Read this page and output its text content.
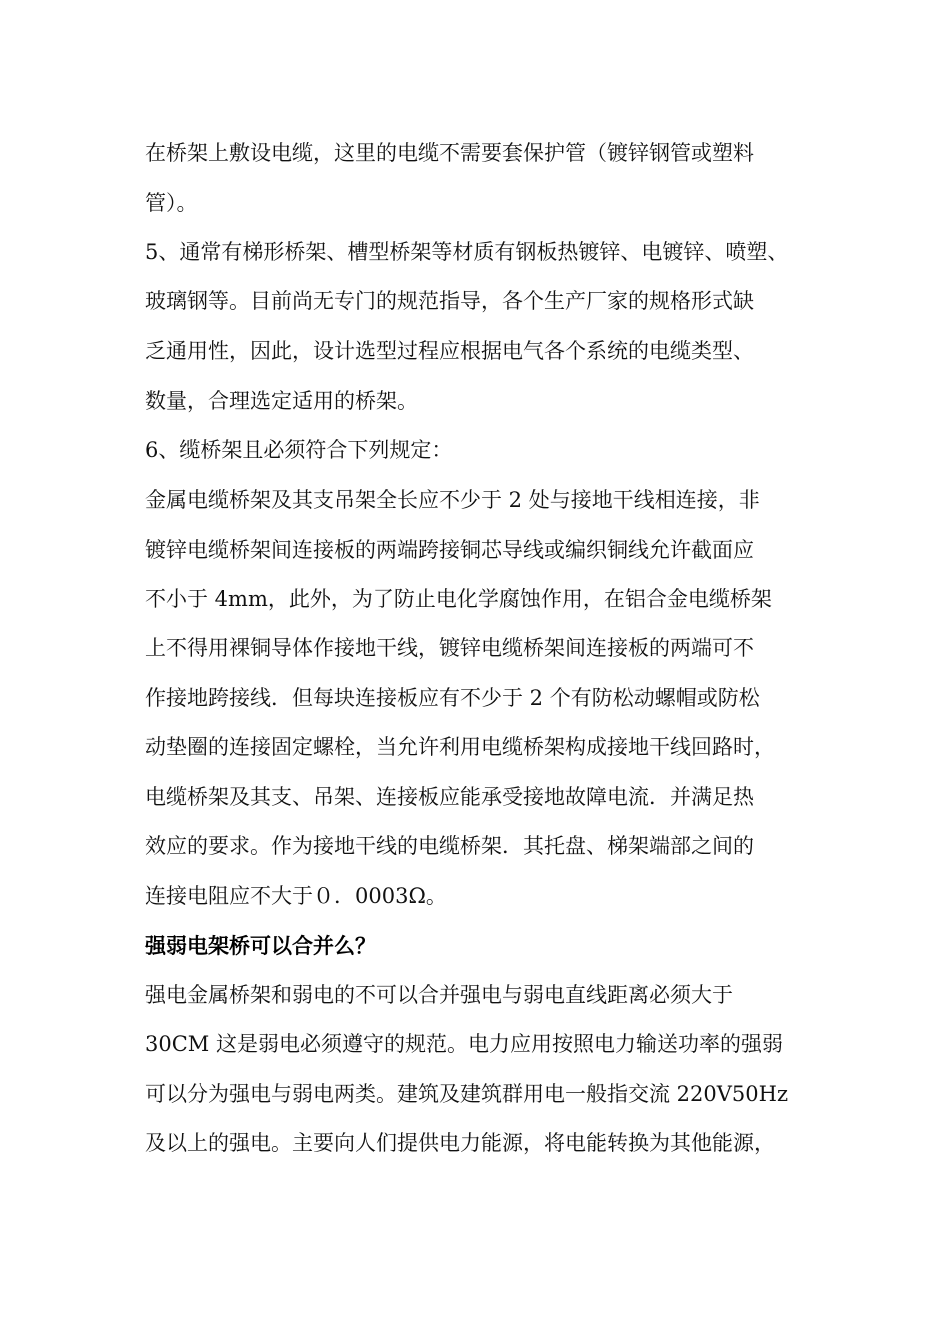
在桥架上敷设电缆，这里的电缆不需要套保护管（镀锌钢管或塑料
管）。
5、通常有梯形桥架、槽型桥架等材质有钢板热镀锌、电镀锌、喷塑、
玻璃钢等。目前尚无专门的规范指导，各个生产厂家的规格形式缺
乏通用性，因此，设计选型过程应根据电气各个系统的电缆类型、
数量，合理选定适用的桥架。
6、缆桥架且必须符合下列规定：
金属电缆桥架及其支吊架全长应不少于 2 处与接地干线相连接，非
镀锌电缆桥架间连接板的两端跨接铜芯导线或编织铜线允许截面应
不小于 4mm，此外，为了防止电化学腐蚀作用，在铝合金电缆桥架
上不得用裸铜导体作接地干线，镀锌电缆桥架间连接板的两端可不
作接地跨接线．但每块连接板应有不少于 2 个有防松动螺帽或防松
动垫圈的连接固定螺栓，当允许利用电缆桥架构成接地干线回路时，
电缆桥架及其支、吊架、连接板应能承受接地故障电流．并满足热
效应的要求。作为接地干线的电缆桥架．其托盘、梯架端部之间的
连接电阻应不大于０．0003Ω。
强弱电架桥可以合并么？
强电金属桥架和弱电的不可以合并强电与弱电直线距离必须大于
30CM 这是弱电必须遵守的规范。电力应用按照电力输送功率的强弱
可以分为强电与弱电两类。建筑及建筑群用电一般指交流 220V50Hz
及以上的强电。主要向人们提供电力能源，将电能转换为其他能源，
